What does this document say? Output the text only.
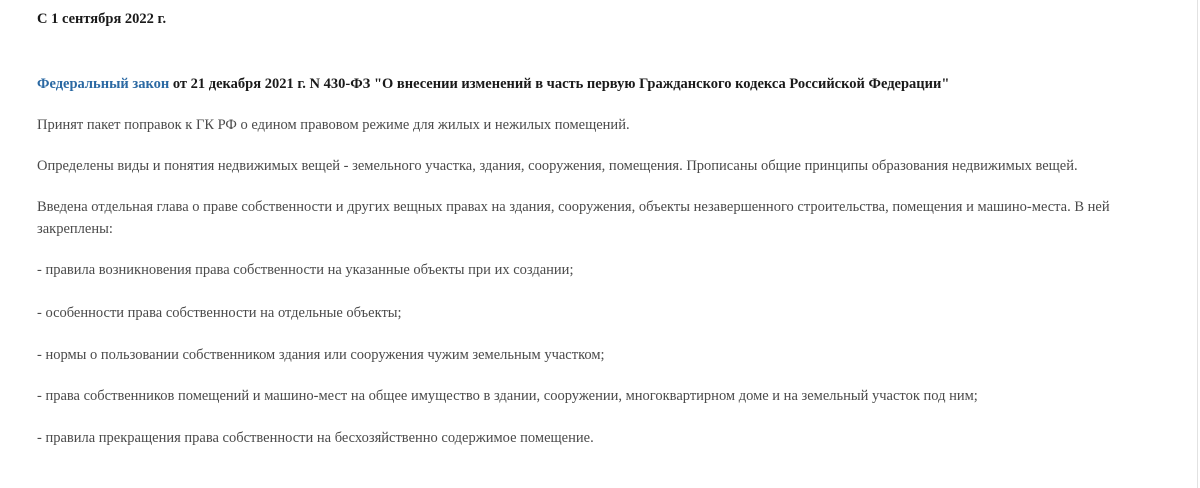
С 1 сентября 2022 г.
Федеральный закон от 21 декабря 2021 г. N 430-ФЗ "О внесении изменений в часть первую Гражданского кодекса Российской Федерации"
Принят пакет поправок к ГК РФ о едином правовом режиме для жилых и нежилых помещений.
Определены виды и понятия недвижимых вещей - земельного участка, здания, сооружения, помещения. Прописаны общие принципы образования недвижимых вещей.
Введена отдельная глава о праве собственности и других вещных правах на здания, сооружения, объекты незавершенного строительства, помещения и машино-места. В ней закреплены:
- правила возникновения права собственности на указанные объекты при их создании;
- особенности права собственности на отдельные объекты;
- нормы о пользовании собственником здания или сооружения чужим земельным участком;
- права собственников помещений и машино-мест на общее имущество в здании, сооружении, многоквартирном доме и на земельный участок под ним;
- правила прекращения права собственности на бесхозяйственно содержимое помещение.
